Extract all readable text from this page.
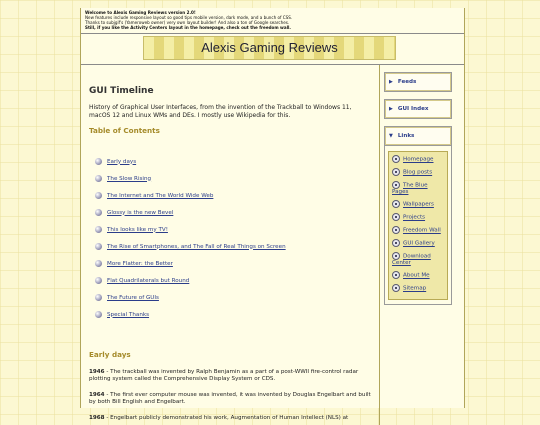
Welcome to Alexis Gaming Reviews version 2.0!
New features include responsive layout so good tips mobile version, dark mode, and a bunch of CSS.
Thanks to subjgif's (Yameroweb owner) very own layout builder! And also a ton of Google searches.
Still, if you like the Activity Centers layout in the homepage, check out the freedom wall.
Alexis Gaming Reviews
GUI Timeline
History of Graphical User Interfaces, from the invention of the Trackball to Windows 11, macOS 12 and Linux WMs and DEs. I mostly use Wikipedia for this.
Table of Contents
Early days
The Slow Rising
The Internet and The World Wide Web
Glossy is the new Bevel
This looks like my TV!
The Rise of Smartphones, and The Fall of Real Things on Screen
More Flatter: the Better
Flat Quadrilaterals but Round
The Future of GUIs
Special Thanks
Early days
1946 - The trackball was invented by Ralph Benjamin as a part of a post-WWII fire-control radar plotting system called the Comprehensive Display System or CDS.
1964 - The first ever computer mouse was invented, it was invented by Douglas Engelbart and built by both Bill English and Engelbart.
1968 - Engelbart publicly demonstrated his work, Augmentation of Human Intellect (NLS) at
▶ Feeds
▶ GUI Index
▼ Links
Homepage
Blog posts
The Blue Pages
Wallpapers
Projects
Freedom Wall
GUI Gallery
Download Center
About Me
Sitemap
